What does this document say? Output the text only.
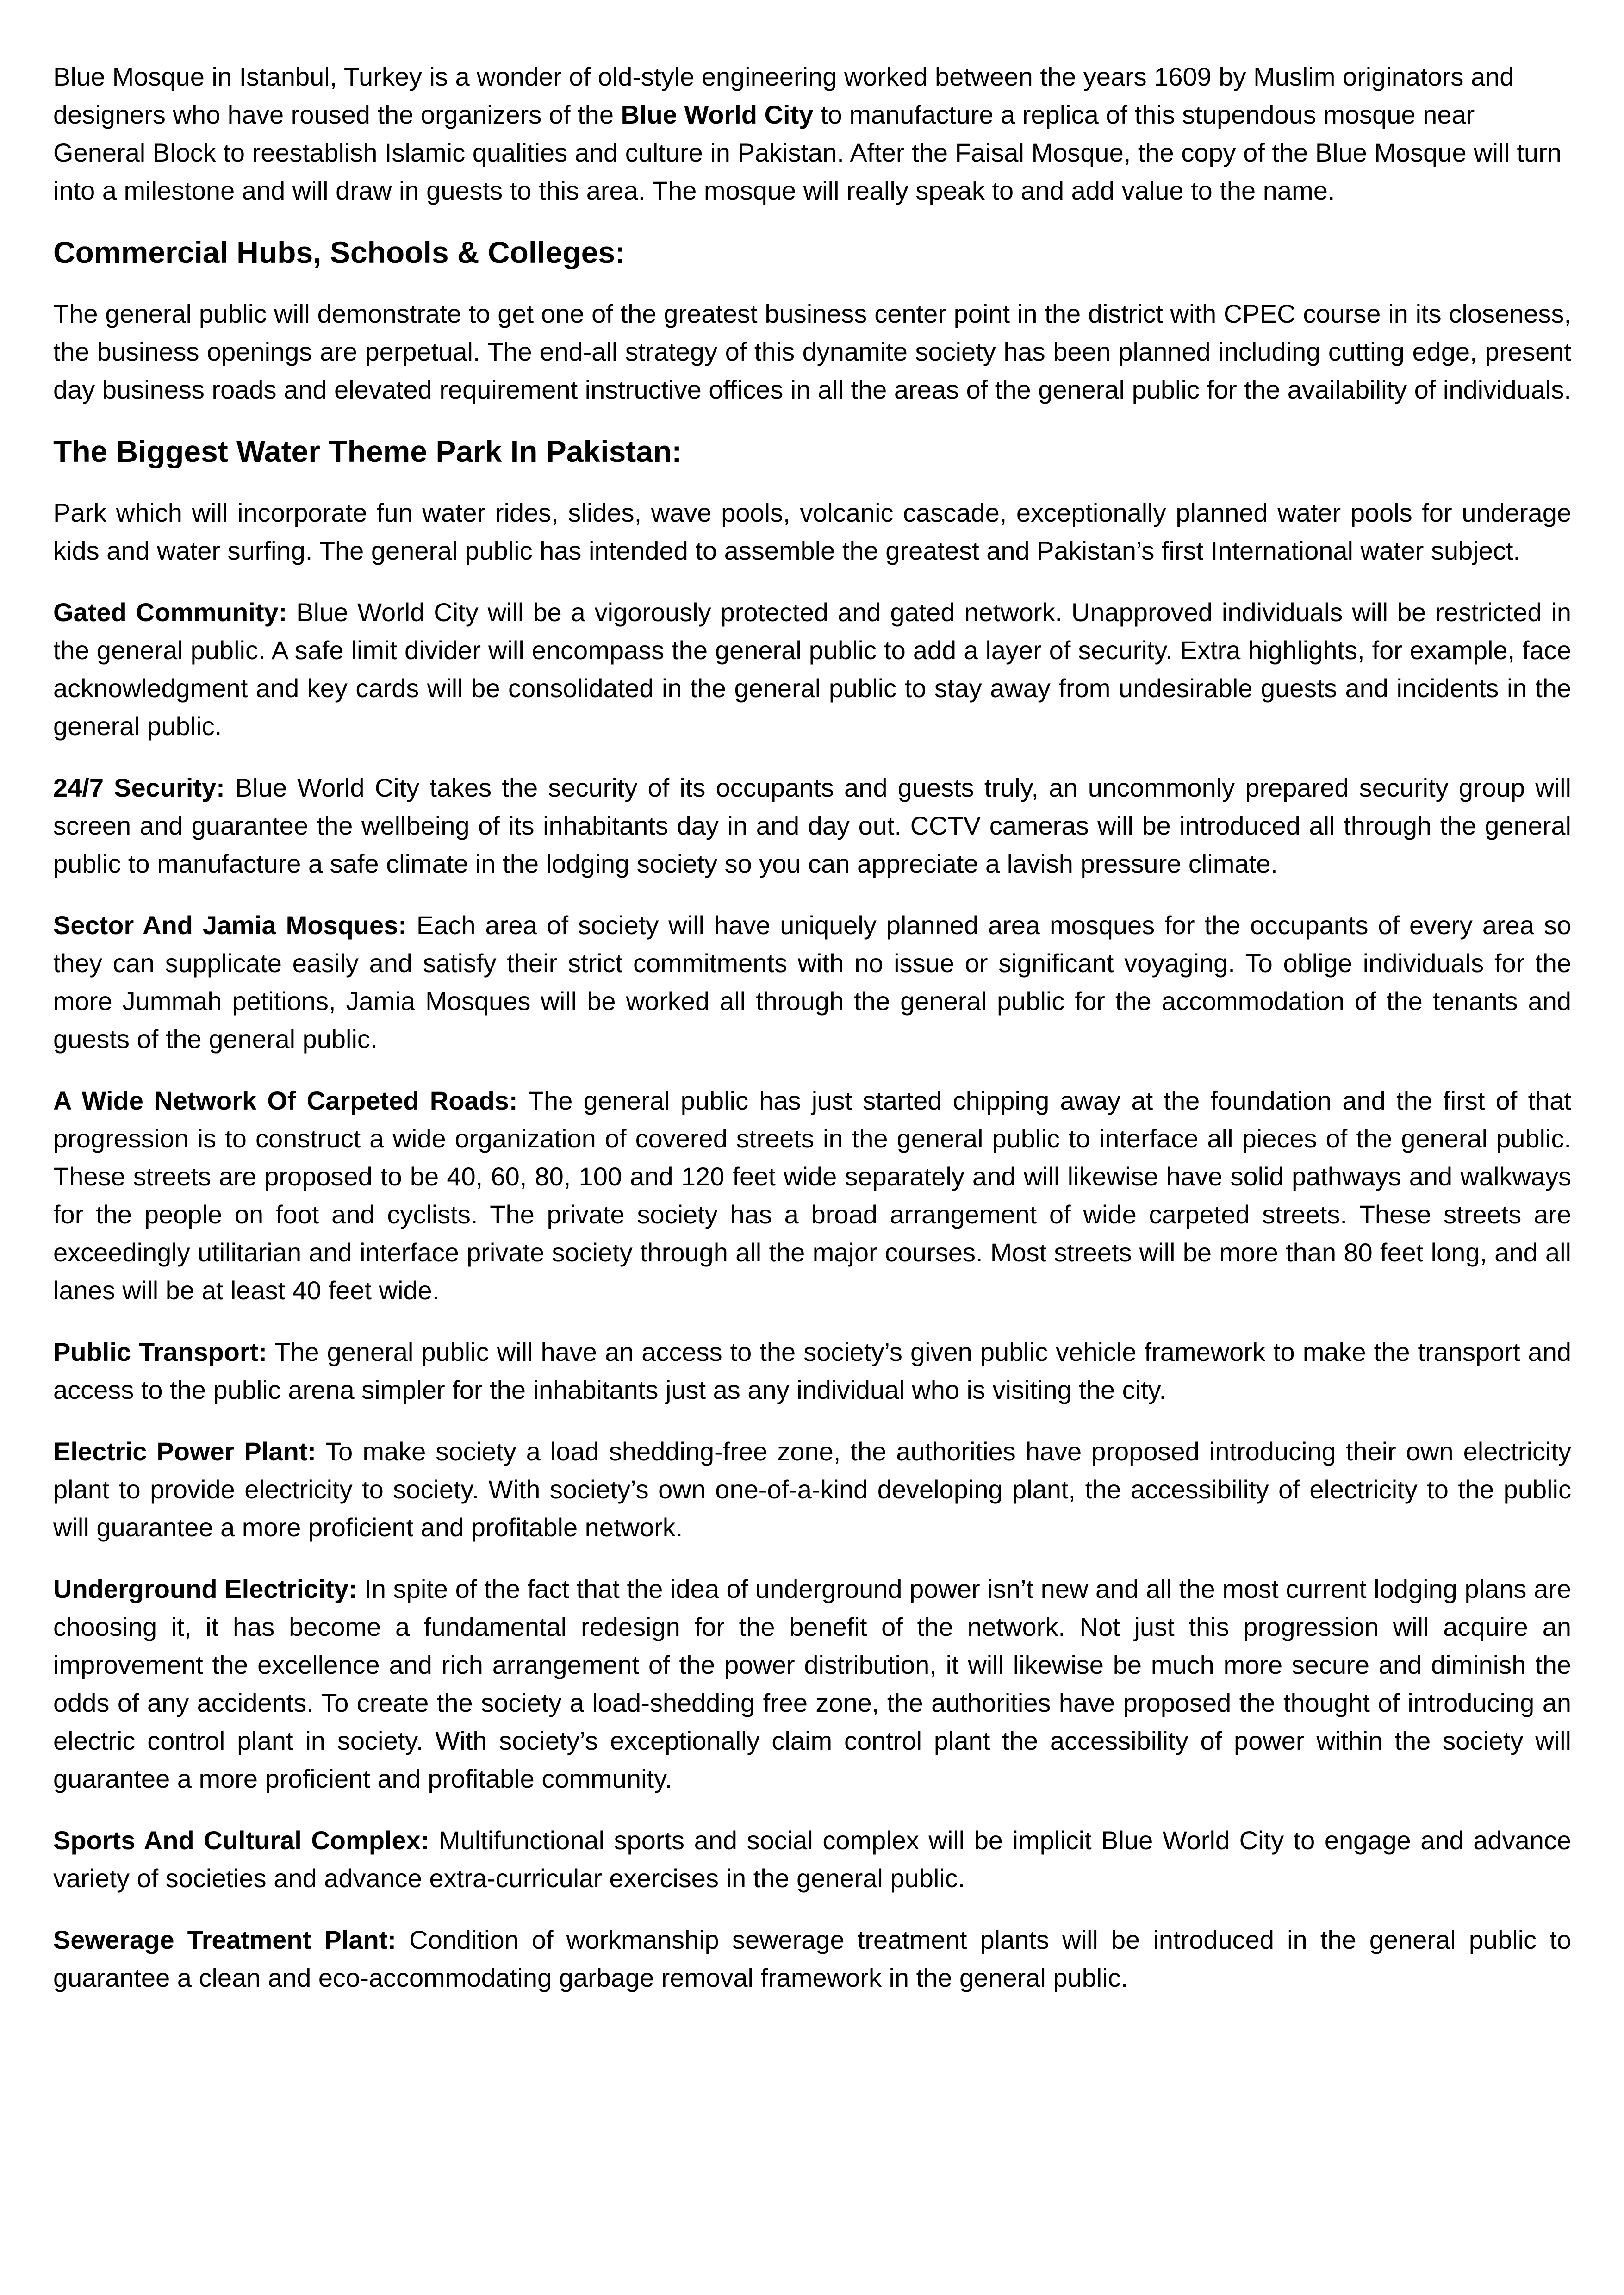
Blue Mosque in Istanbul, Turkey is a wonder of old-style engineering worked between the years 1609 by Muslim originators and designers who have roused the organizers of the Blue World City to manufacture a replica of this stupendous mosque near General Block to reestablish Islamic qualities and culture in Pakistan. After the Faisal Mosque, the copy of the Blue Mosque will turn into a milestone and will draw in guests to this area. The mosque will really speak to and add value to the name.

Commercial Hubs, Schools & Colleges:

The general public will demonstrate to get one of the greatest business center point in the district with CPEC course in its closeness, the business openings are perpetual. The end-all strategy of this dynamite society has been planned including cutting edge, present day business roads and elevated requirement instructive offices in all the areas of the general public for the availability of individuals.

The Biggest Water Theme Park In Pakistan:

Park which will incorporate fun water rides, slides, wave pools, volcanic cascade, exceptionally planned water pools for underage kids and water surfing. The general public has intended to assemble the greatest and Pakistan’s first International water subject.

Gated Community: Blue World City will be a vigorously protected and gated network. Unapproved individuals will be restricted in the general public. A safe limit divider will encompass the general public to add a layer of security. Extra highlights, for example, face acknowledgment and key cards will be consolidated in the general public to stay away from undesirable guests and incidents in the general public.

24/7 Security: Blue World City takes the security of its occupants and guests truly, an uncommonly prepared security group will screen and guarantee the wellbeing of its inhabitants day in and day out. CCTV cameras will be introduced all through the general public to manufacture a safe climate in the lodging society so you can appreciate a lavish pressure climate.

Sector And Jamia Mosques: Each area of society will have uniquely planned area mosques for the occupants of every area so they can supplicate easily and satisfy their strict commitments with no issue or significant voyaging. To oblige individuals for the more Jummah petitions, Jamia Mosques will be worked all through the general public for the accommodation of the tenants and guests of the general public.

A Wide Network Of Carpeted Roads: The general public has just started chipping away at the foundation and the first of that progression is to construct a wide organization of covered streets in the general public to interface all pieces of the general public. These streets are proposed to be 40, 60, 80, 100 and 120 feet wide separately and will likewise have solid pathways and walkways for the people on foot and cyclists. The private society has a broad arrangement of wide carpeted streets. These streets are exceedingly utilitarian and interface private society through all the major courses. Most streets will be more than 80 feet long, and all lanes will be at least 40 feet wide.

Public Transport: The general public will have an access to the society’s given public vehicle framework to make the transport and access to the public arena simpler for the inhabitants just as any individual who is visiting the city.

Electric Power Plant: To make society a load shedding-free zone, the authorities have proposed introducing their own electricity plant to provide electricity to society. With society’s own one-of-a-kind developing plant, the accessibility of electricity to the public will guarantee a more proficient and profitable network.

Underground Electricity: In spite of the fact that the idea of underground power isn’t new and all the most current lodging plans are choosing it, it has become a fundamental redesign for the benefit of the network. Not just this progression will acquire an improvement the excellence and rich arrangement of the power distribution, it will likewise be much more secure and diminish the odds of any accidents. To create the society a load-shedding free zone, the authorities have proposed the thought of introducing an electric control plant in society. With society’s exceptionally claim control plant the accessibility of power within the society will guarantee a more proficient and profitable community.

Sports And Cultural Complex: Multifunctional sports and social complex will be implicit Blue World City to engage and advance variety of societies and advance extra-curricular exercises in the general public.

Sewerage Treatment Plant: Condition of workmanship sewerage treatment plants will be introduced in the general public to guarantee a clean and eco-accommodating garbage removal framework in the general public.
